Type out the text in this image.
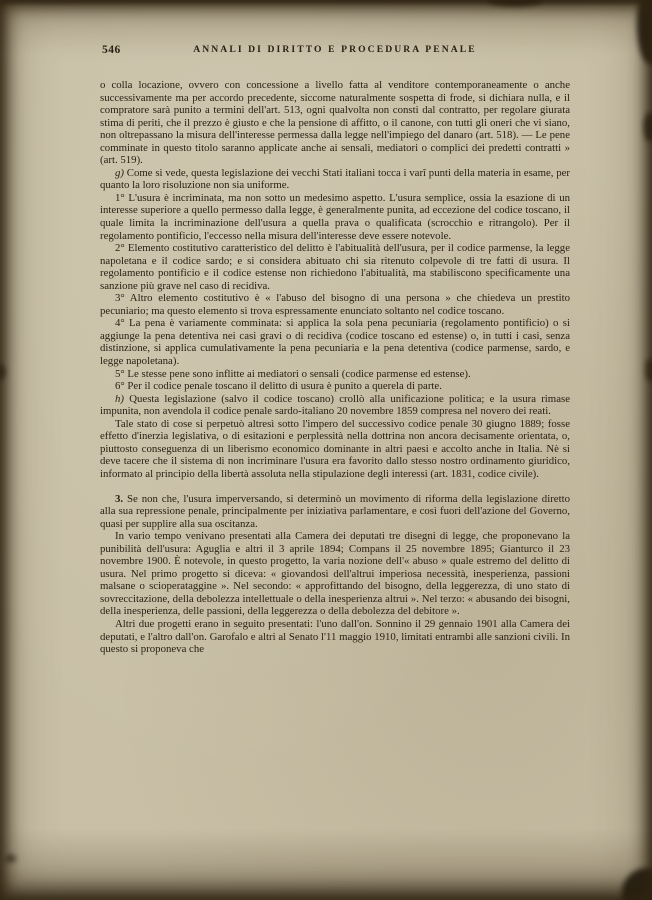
546	ANNALI DI DIRITTO E PROCEDURA PENALE

o colla locazione, ovvero con concessione a livello fatta al venditore contemporaneamente o anche successivamente ma per accordo precedente, siccome naturalmente sospetta di frode, si dichiara nulla, e il compratore sarà punito a termini dell'art. 513, ogni qualvolta non consti dal contratto, per regolare giurata stima di periti, che il prezzo è giusto e che la pensione di affitto, o il canone, con tutti gli oneri che vi siano, non oltrepassano la misura dell'interesse permessa dalla legge nell'impiego del danaro (art. 518). — Le pene comminate in questo titolo saranno applicate anche ai sensali, mediatori o complici dei predetti contratti » (art. 519).

g) Come si vede, questa legislazione dei vecchi Stati italiani tocca i varî punti della materia in esame, per quanto la loro risoluzione non sia uniforme.

1° L'usura è incriminata, ma non sotto un medesimo aspetto. L'usura semplice, ossia la esazione di un interesse superiore a quello permesso dalla legge, è generalmente punita, ad eccezione del codice toscano, il quale limita la incriminazione dell'usura a quella prava o qualificata (scrocchio e ritrangolo). Per il regolamento pontificio, l'eccesso nella misura dell'interesse deve essere notevole.

2° Elemento costitutivo caratteristico del delitto è l'abitualità dell'usura, per il codice parmense, la legge napoletana e il codice sardo; e si considera abituato chi sia ritenuto colpevole di tre fatti di usura. Il regolamento pontificio e il codice estense non richiedono l'abitualità, ma stabiliscono specificamente una sanzione più grave nel caso di recidiva.

3° Altro elemento costitutivo è « l'abuso del bisogno di una persona » che chiedeva un prestito pecuniario; ma questo elemento si trova espressamente enunciato soltanto nel codice toscano.

4° La pena è variamente comminata: si applica la sola pena pecuniaria (regolamento pontificio) o si aggiunge la pena detentiva nei casi gravi o di recidiva (codice toscano ed estense) o, in tutti i casi, senza distinzione, si applica cumulativamente la pena pecuniaria e la pena detentiva (codice parmense, sardo, e legge napoletana).

5° Le stesse pene sono inflitte ai mediatori o sensali (codice parmense ed estense).

6° Per il codice penale toscano il delitto di usura è punito a querela di parte.

h) Questa legislazione (salvo il codice toscano) crollò alla unificazione politica; e la usura rimase impunita, non avendola il codice penale sardo-italiano 20 novembre 1859 compresa nel novero dei reati.

Tale stato di cose si perpetuò altresì sotto l'impero del successivo codice penale 30 giugno 1889; fosse effetto d'inerzia legislativa, o di esitazioni e perplessità nella dottrina non ancora decisamente orientata, o, piuttosto conseguenza di un liberismo economico dominante in altri paesi e accolto anche in Italia. Nè si deve tacere che il sistema di non incriminare l'usura era favorito dallo stesso nostro ordinamento giuridico, informato al principio della libertà assoluta nella stipulazione degli interessi (art. 1831, codice civile).

3. Se non che, l'usura imperversando, si determinò un movimento di riforma della legislazione diretto alla sua repressione penale, principalmente per iniziativa parlamentare, e così fuori dell'azione del Governo, quasi per supplire alla sua oscitanza.

In vario tempo venivano presentati alla Camera dei deputati tre disegni di legge, che proponevano la punibilità dell'usura: Aguglia e altri il 3 aprile 1894; Compans il 25 novembre 1895; Gianturco il 23 novembre 1900. È notevole, in questo progetto, la varia nozione dell'« abuso » quale estremo del delitto di usura. Nel primo progetto si diceva: « giovandosi dell'altrui imperiosa necessità, inesperienza, passioni malsane o scioperataggine ». Nel secondo: « approfittando del bisogno, della leggerezza, di uno stato di sovreccitazione, della debolezza intellettuale o della inesperienza altrui ». Nel terzo: « abusando dei bisogni, della inesperienza, delle passioni, della leggerezza o della debolezza del debitore ».

Altri due progetti erano in seguito presentati: l'uno dall'on. Sonnino il 29 gennaio 1901 alla Camera dei deputati, e l'altro dall'on. Garofalo e altri al Senato l'11 maggio 1910, limitati entrambi alle sanzioni civili. In questo si proponeva che
